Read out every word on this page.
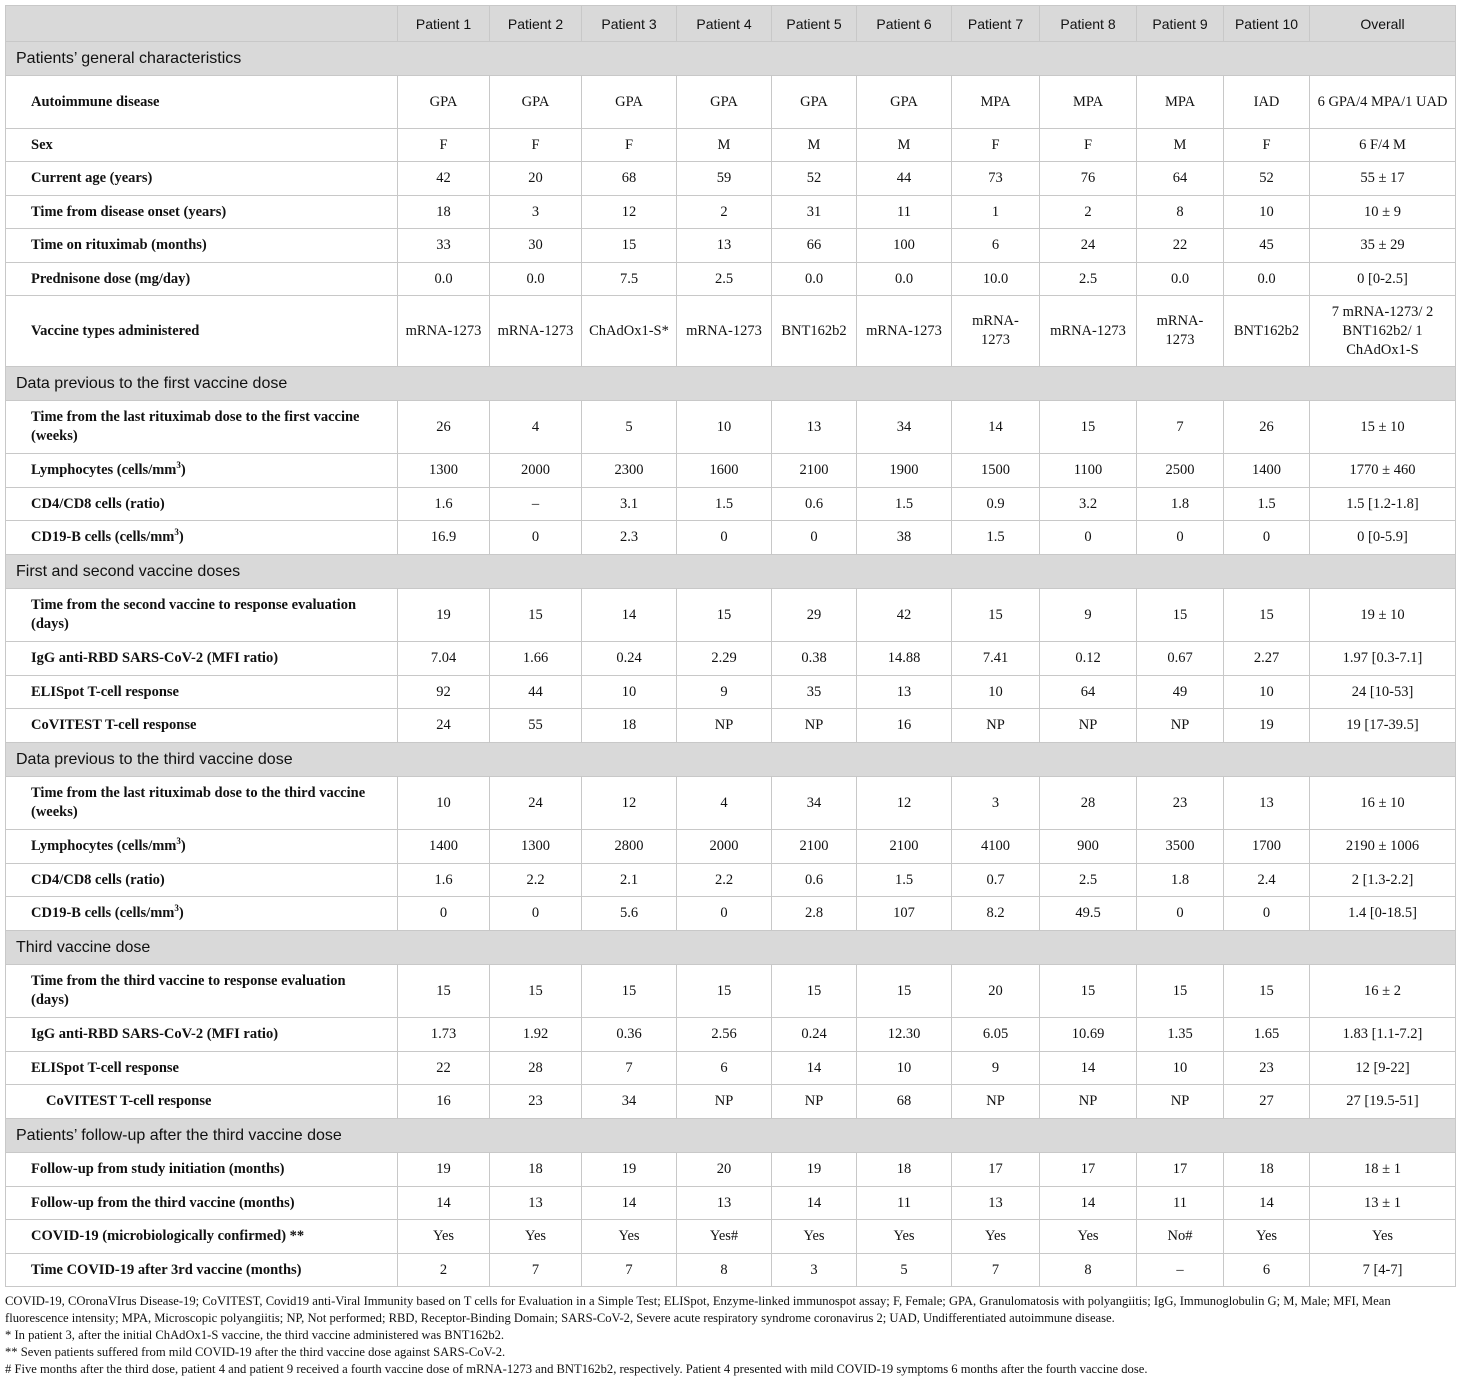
	Patient 1	Patient 2	Patient 3	Patient 4	Patient 5	Patient 6	Patient 7	Patient 8	Patient 9	Patient 10	Overall
Patients’ general characteristics											
Autoimmune disease	GPA	GPA	GPA	GPA	GPA	GPA	MPA	MPA	MPA	IAD	6 GPA/4 MPA/1 UAD
Sex	F	F	F	M	M	M	F	F	M	F	6 F/4 M
Current age (years)	42	20	68	59	52	44	73	76	64	52	55 ± 17
Time from disease onset (years)	18	3	12	2	31	11	1	2	8	10	10 ± 9
Time on rituximab (months)	33	30	15	13	66	100	6	24	22	45	35 ± 29
Prednisone dose (mg/day)	0.0	0.0	7.5	2.5	0.0	0.0	10.0	2.5	0.0	0.0	0 [0-2.5]
Vaccine types administered	mRNA-1273	mRNA-1273	ChAdOx1-S*	mRNA-1273	BNT162b2	mRNA-1273	mRNA-1273	mRNA-1273	mRNA-1273	BNT162b2	7 mRNA-1273/ 2 BNT162b2/ 1 ChAdOx1-S
Data previous to the first vaccine dose											
Time from the last rituximab dose to the first vaccine (weeks)	26	4	5	10	13	34	14	15	7	26	15 ± 10
Lymphocytes $(cells/mm^3)$	1300	2000	2300	1600	2100	1900	1500	1100	2500	1400	1770 ± 460
CD4/CD8 cells (ratio)	1.6	–	3.1	1.5	0.6	1.5	0.9	3.2	1.8	1.5	1.5 [1.2-1.8]
CD19-B cells $(cells/mm^3)$	16.9	0	2.3	0	0	38	1.5	0	0	0	0 [0-5.9]
First and second vaccine doses											
Time from the second vaccine to response evaluation (days)	19	15	14	15	29	42	15	9	15	15	19 ± 10
IgG anti-RBD SARS-CoV-2 (MFI ratio)	7.04	1.66	0.24	2.29	0.38	14.88	7.41	0.12	0.67	2.27	1.97 [0.3-7.1]
ELISpot T-cell response	92	44	10	9	35	13	10	64	49	10	24 [10-53]
CoVITEST T-cell response	24	55	18	NP	NP	16	NP	NP	NP	19	19 [17-39.5]
Data previous to the third vaccine dose											
Time from the last rituximab dose to the third vaccine (weeks)	10	24	12	4	34	12	3	28	23	13	16 ± 10
Lymphocytes $(cells/mm^3)$	1400	1300	2800	2000	2100	2100	4100	900	3500	1700	2190 ± 1006
CD4/CD8 cells (ratio)	1.6	2.2	2.1	2.2	0.6	1.5	0.7	2.5	1.8	2.4	2 [1.3-2.2]
CD19-B cells $(cells/mm^3)$	0	0	5.6	0	2.8	107	8.2	49.5	0	0	1.4 [0-18.5]
Third vaccine dose											
Time from the third vaccine to response evaluation (days)	15	15	15	15	15	15	20	15	15	15	16 ± 2
IgG anti-RBD SARS-CoV-2 (MFI ratio)	1.73	1.92	0.36	2.56	0.24	12.30	6.05	10.69	1.35	1.65	1.83 [1.1-7.2]
ELISpot T-cell response	22	28	7	6	14	10	9	14	10	23	12 [9-22]
CoVITEST T-cell response	16	23	34	NP	NP	68	NP	NP	NP	27	27 [19.5-51]
Patients’ follow-up after the third vaccine dose											
Follow-up from study initiation (months)	19	18	19	20	19	18	17	17	17	18	18 ± 1
Follow-up from the third vaccine (months)	14	13	14	13	14	11	13	14	11	14	13 ± 1
COVID-19 (microbiologically confirmed) **	Yes	Yes	Yes	Yes#	Yes	Yes	Yes	Yes	No#	Yes	Yes
Time COVID-19 after 3rd vaccine (months)	2	7	7	8	3	5	7	8	–	6	7 [4-7]

COVID-19, COronaVIrus Disease-19; CoVITEST, Covid19 anti-Viral Immunity based on T cells for Evaluation in a Simple Test; ELISpot, Enzyme-linked immunospot assay; F, Female; GPA, Granulomatosis with polyangiitis; IgG, Immunoglobulin G; M, Male; MFI, Mean fluorescence intensity; MPA, Microscopic polyangiitis; NP, Not performed; RBD, Receptor-Binding Domain; SARS-CoV-2, Severe acute respiratory syndrome coronavirus 2; UAD, Undifferentiated autoimmune disease.

* In patient 3, after the initial ChAdOx1-S vaccine, the third vaccine administered was BNT162b2.

** Seven patients suffered from mild COVID-19 after the third vaccine dose against SARS-CoV-2.

# Five months after the third dose, patient 4 and patient 9 received a fourth vaccine dose of mRNA-1273 and BNT162b2, respectively. Patient 4 presented with mild COVID-19 symptoms 6 months after the fourth vaccine dose.
